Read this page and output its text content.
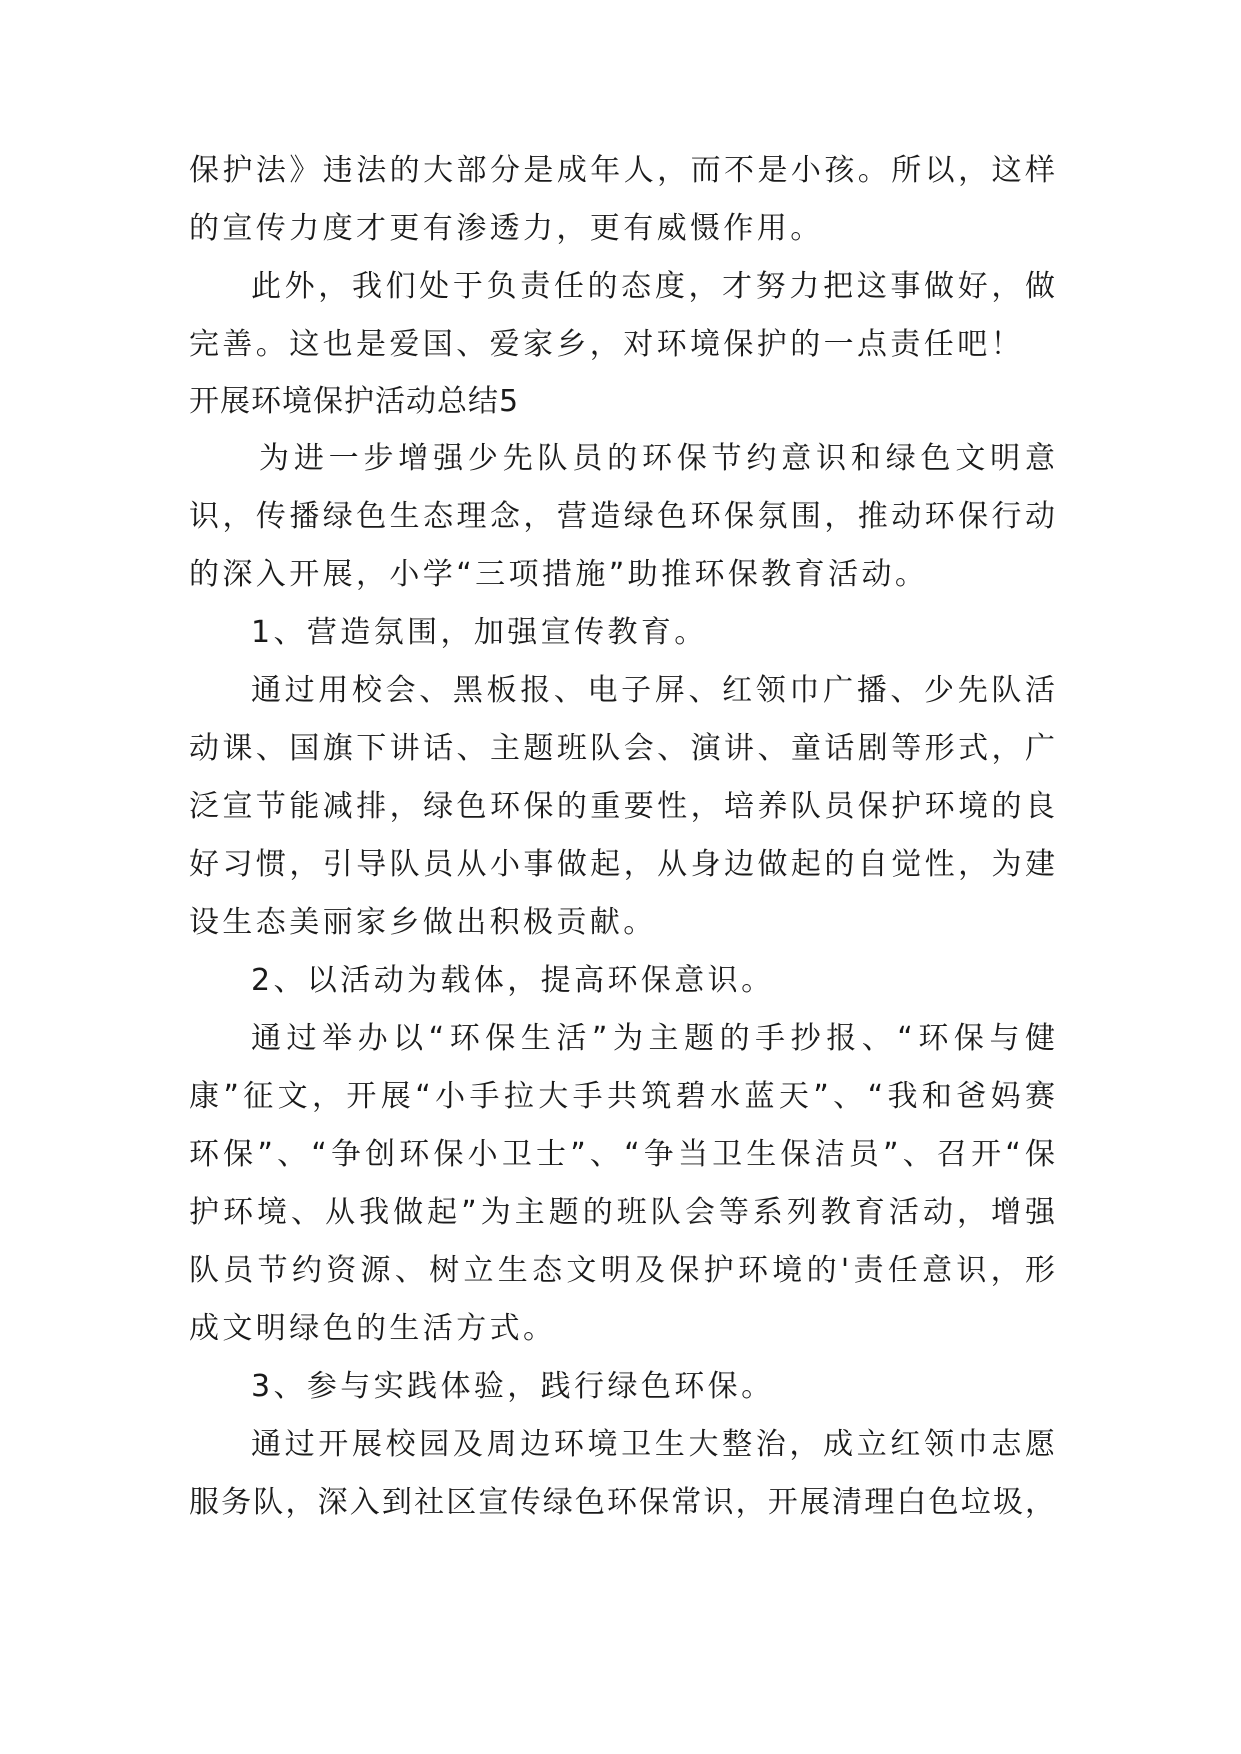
保护法》违法的大部分是成年人，而不是小孩。所以，这样
的宣传力度才更有渗透力，更有威慑作用。
此外，我们处于负责任的态度，才努力把这事做好，做
完善。这也是爱国、爱家乡，对环境保护的一点责任吧！
开展环境保护活动总结5
为进一步增强少先队员的环保节约意识和绿色文明意
识，传播绿色生态理念，营造绿色环保氛围，推动环保行动
的深入开展，小学“三项措施”助推环保教育活动。
1、营造氛围，加强宣传教育。
通过用校会、黑板报、电子屏、红领巾广播、少先队活
动课、国旗下讲话、主题班队会、演讲、童话剧等形式，广
泛宣节能减排，绿色环保的重要性，培养队员保护环境的良
好习惯，引导队员从小事做起，从身边做起的自觉性，为建
设生态美丽家乡做出积极贡献。
2、以活动为载体，提高环保意识。
通过举办以“环保生活”为主题的手抄报、“环保与健
康”征文，开展“小手拉大手共筑碧水蓝天”、“我和爸妈赛
环保”、“争创环保小卫士”、“争当卫生保洁员”、召开“保
护环境、从我做起”为主题的班队会等系列教育活动，增强
队员节约资源、树立生态文明及保护环境的'责任意识，形
成文明绿色的生活方式。
3、参与实践体验，践行绿色环保。
通过开展校园及周边环境卫生大整治，成立红领巾志愿
服务队，深入到社区宣传绿色环保常识，开展清理白色垃圾，
